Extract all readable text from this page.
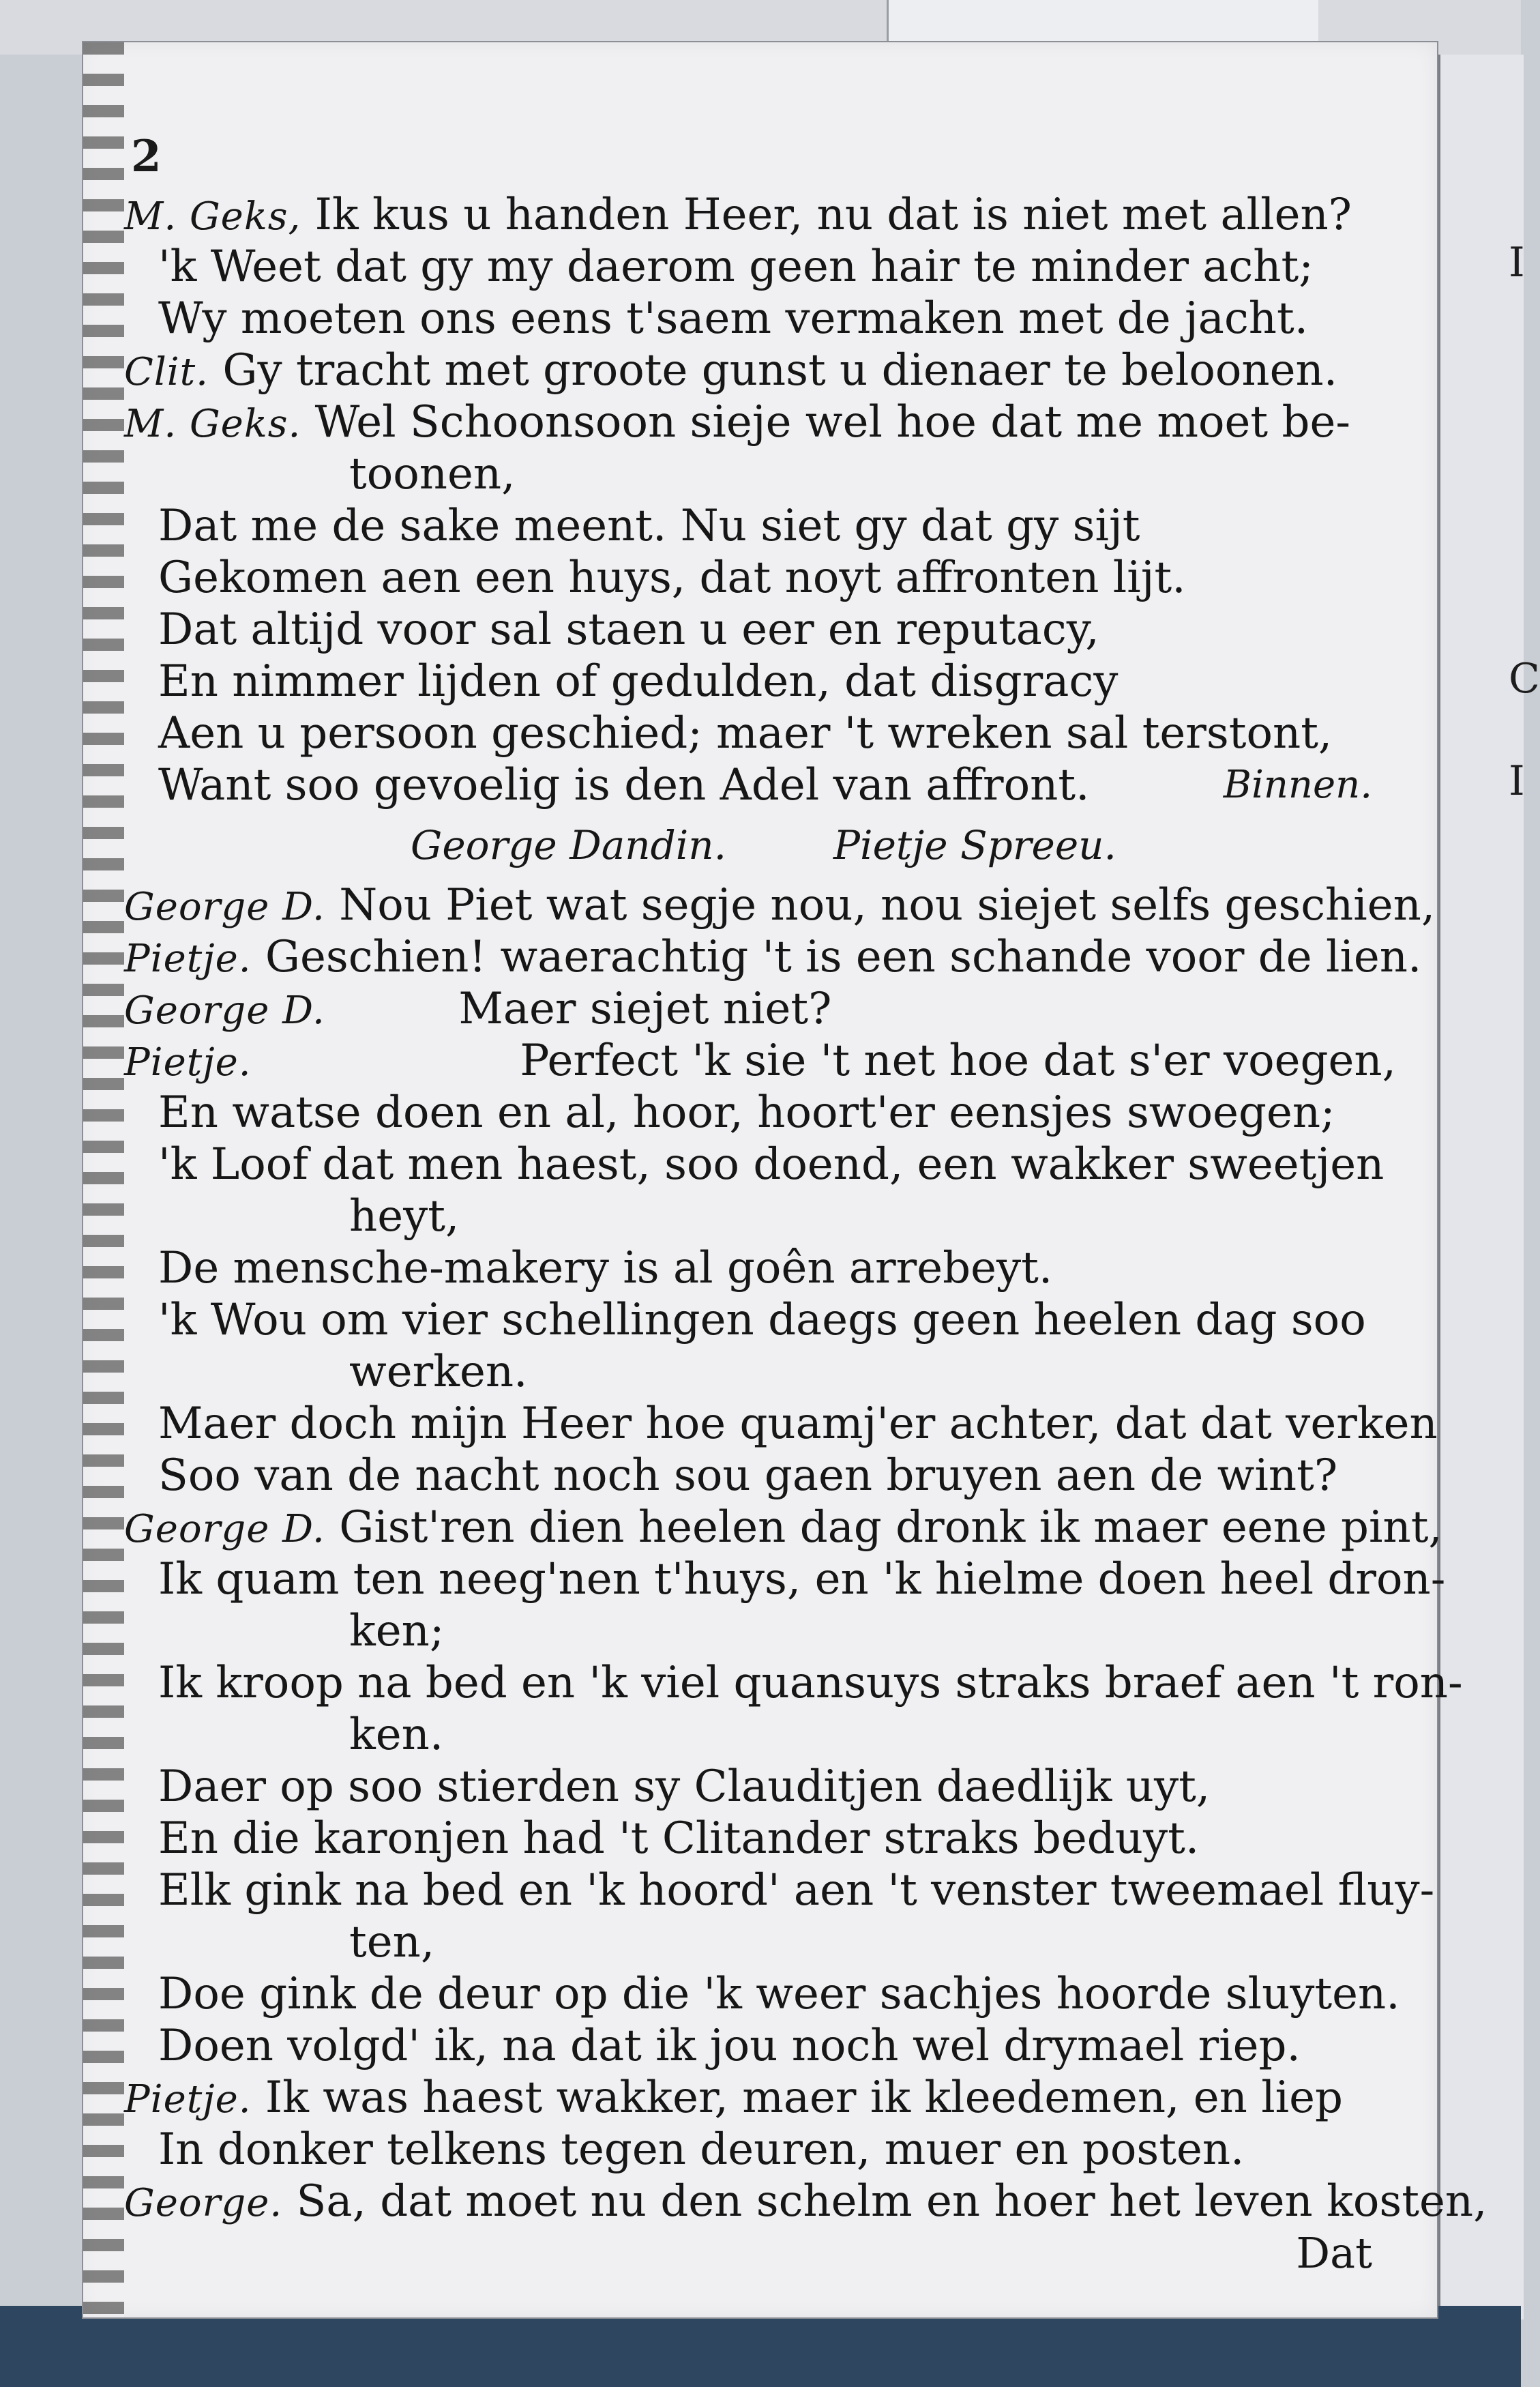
I
C
I
2
M. Geks, Ik kus u handen Heer, nu dat is niet met allen?
'k Weet dat gy my daerom geen hair te minder acht;
Wy moeten ons eens t'saem vermaken met de jacht.
Clit. Gy tracht met groote gunst u dienaer te beloonen.
M. Geks. Wel Schoonsoon sieje wel hoe dat me moet be-
toonen,
Dat me de sake meent. Nu siet gy dat gy sijt
Gekomen aen een huys, dat noyt affronten lijt.
Dat altijd voor sal staen u eer en reputacy,
En nimmer lijden of gedulden, dat disgracy
Aen u persoon geschied; maer 't wreken sal terstont,
Want soo gevoelig is den Adel van affront.	Binnen.
George Dandin.	Pietje Spreeu.
George D. Nou Piet wat segje nou, nou siejet selfs geschien,
Pietje. Geschien! waerachtig 't is een schande voor de lien.
George D.	Maer siejet niet?
Pietje.	Perfect 'k sie 't net hoe dat s'er voegen,
En watse doen en al, hoor, hoort'er eensjes swoegen;
'k Loof dat men haest, soo doend, een wakker sweetjen
heyt,
De mensche-makery is al goên arrebeyt.
'k Wou om vier schellingen daegs geen heelen dag soo
werken.
Maer doch mijn Heer hoe quamj'er achter, dat dat verken
Soo van de nacht noch sou gaen bruyen aen de wint?
George D. Gist'ren dien heelen dag dronk ik maer eene pint,
Ik quam ten neeg'nen t'huys, en 'k hielme doen heel dron-
ken;
Ik kroop na bed en 'k viel quansuys straks braef aen 't ron-
ken.
Daer op soo stierden sy Clauditjen daedlijk uyt,
En die karonjen had 't Clitander straks beduyt.
Elk gink na bed en 'k hoord' aen 't venster tweemael fluy-
ten,
Doe gink de deur op die 'k weer sachjes hoorde sluyten.
Doen volgd' ik, na dat ik jou noch wel drymael riep.
Pietje. Ik was haest wakker, maer ik kleedemen, en liep
In donker telkens tegen deuren, muer en posten.
George. Sa, dat moet nu den schelm en hoer het leven kosten,
Dat
